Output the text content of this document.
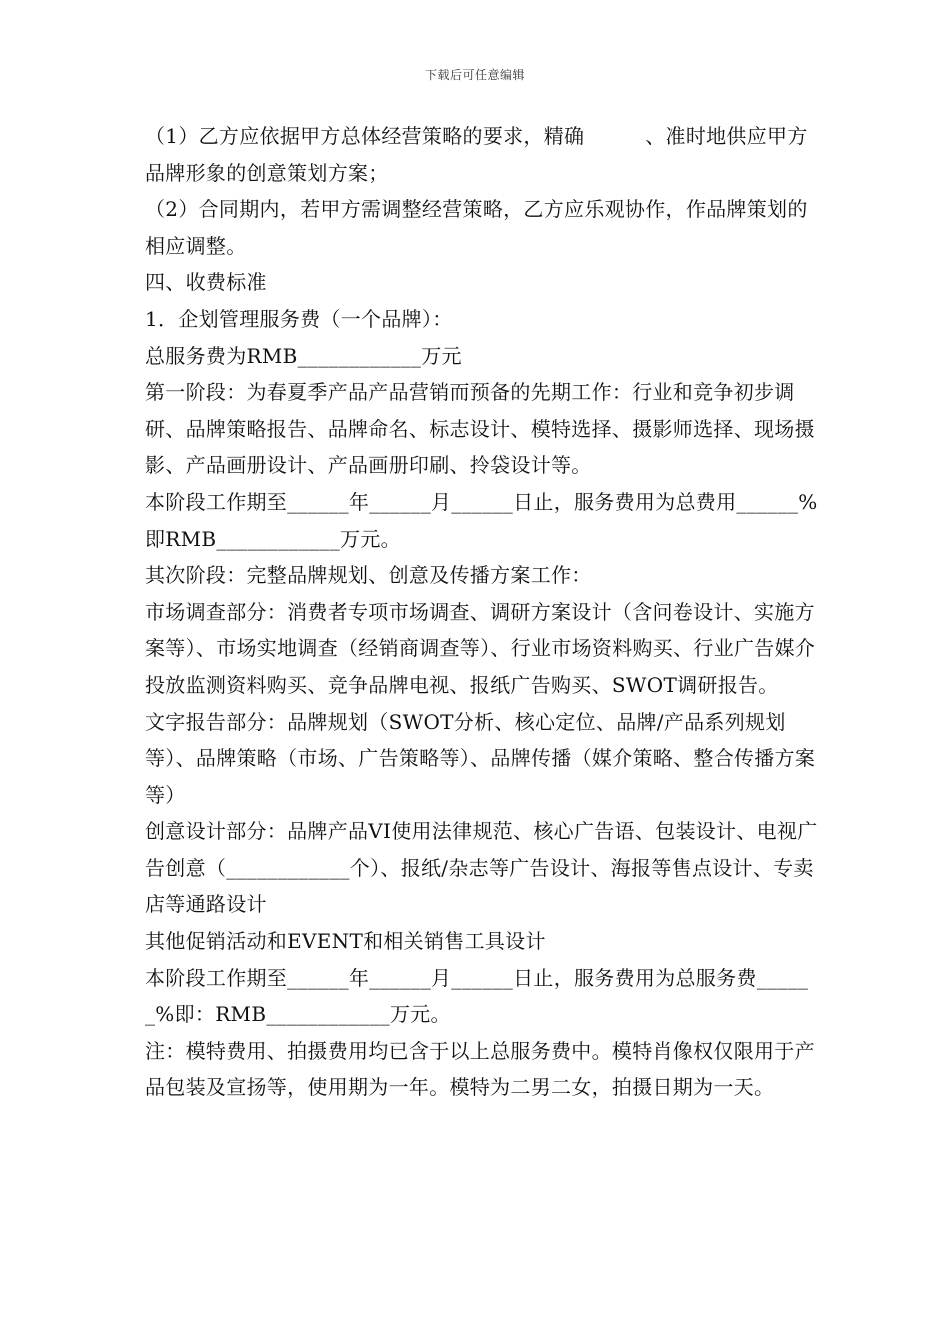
下载后可任意编辑

（1）乙方应依据甲方总体经营策略的要求，精确　　　、准时地供应甲方品牌形象的创意策划方案；

（2）合同期内，若甲方需调整经营策略，乙方应乐观协作，作品牌策划的相应调整。

四、收费标准

1．企划管理服务费（一个品牌）：

总服务费为RMB____________万元

第一阶段：为春夏季产品产品营销而预备的先期工作：行业和竞争初步调研、品牌策略报告、品牌命名、标志设计、模特选择、摄影师选择、现场摄影、产品画册设计、产品画册印刷、拎袋设计等。

本阶段工作期至______年______月______日止，服务费用为总费用______%即RMB____________万元。

其次阶段：完整品牌规划、创意及传播方案工作：

市场调查部分：消费者专项市场调查、调研方案设计（含问卷设计、实施方案等）、市场实地调查（经销商调查等）、行业市场资料购买、行业广告媒介投放监测资料购买、竞争品牌电视、报纸广告购买、SWOT调研报告。

文字报告部分：品牌规划（SWOT分析、核心定位、品牌/产品系列规划等）、品牌策略（市场、广告策略等）、品牌传播（媒介策略、整合传播方案等）

创意设计部分：品牌产品VI使用法律规范、核心广告语、包装设计、电视广告创意（____________个）、报纸/杂志等广告设计、海报等售点设计、专卖店等通路设计

其他促销活动和EVENT和相关销售工具设计

本阶段工作期至______年______月______日止，服务费用为总服务费______%即：RMB____________万元。

注：模特费用、拍摄费用均已含于以上总服务费中。模特肖像权仅限用于产品包装及宣扬等，使用期为一年。模特为二男二女，拍摄日期为一天。
